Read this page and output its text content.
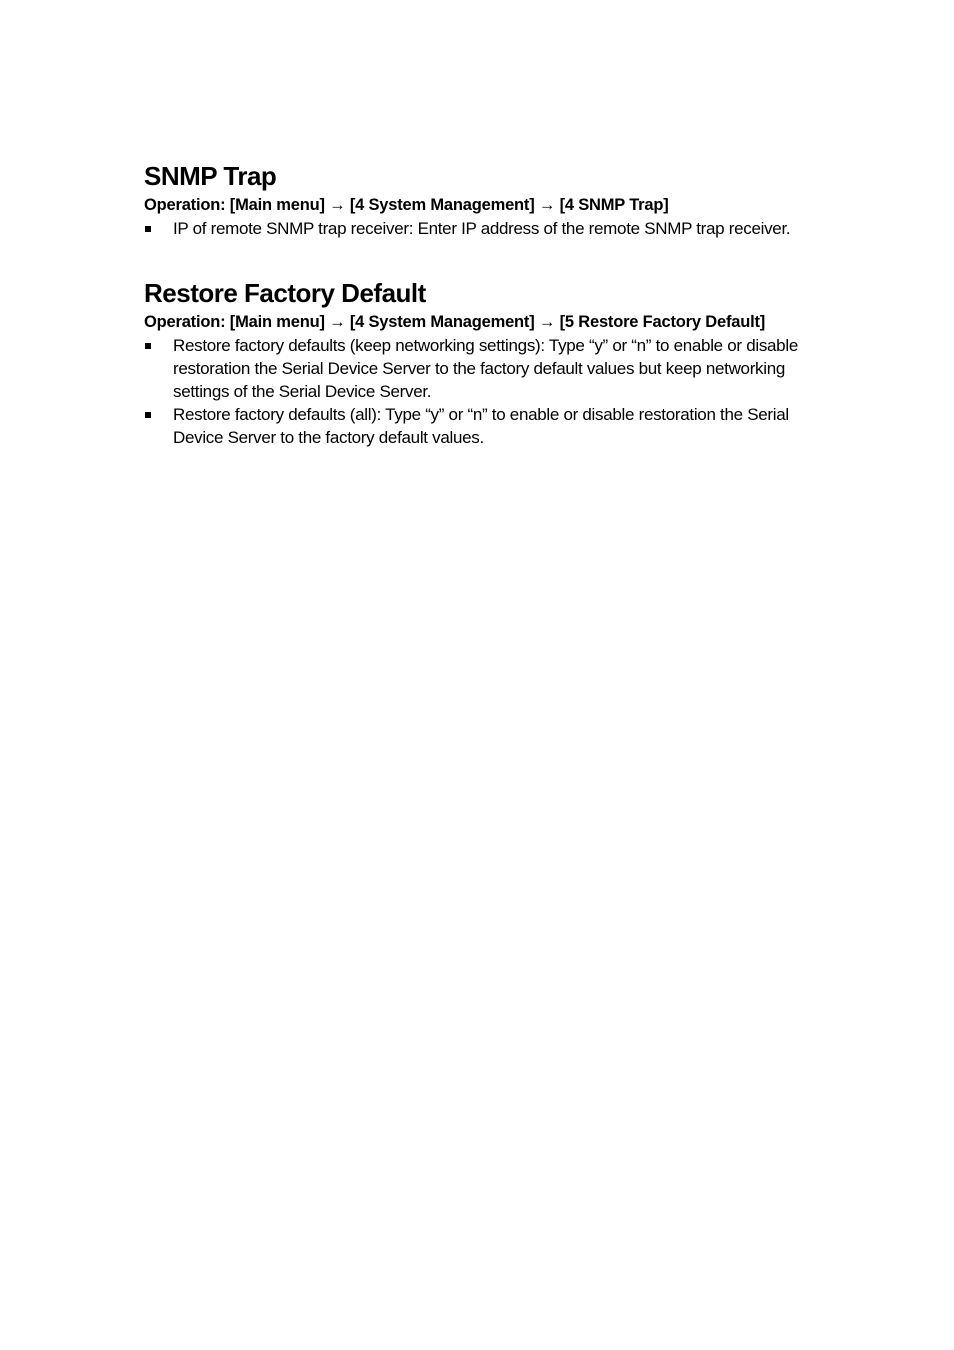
SNMP Trap

Operation: [Main menu] → [4 System Management] → [4 SNMP Trap]

IP of remote SNMP trap receiver: Enter IP address of the remote SNMP trap receiver.
Restore Factory Default

Operation: [Main menu] → [4 System Management] → [5 Restore Factory Default]

Restore factory defaults (keep networking settings): Type “y” or “n” to enable or disable restoration the Serial Device Server to the factory default values but keep networking settings of the Serial Device Server.
Restore factory defaults (all): Type “y” or “n” to enable or disable restoration the Serial Device Server to the factory default values.
